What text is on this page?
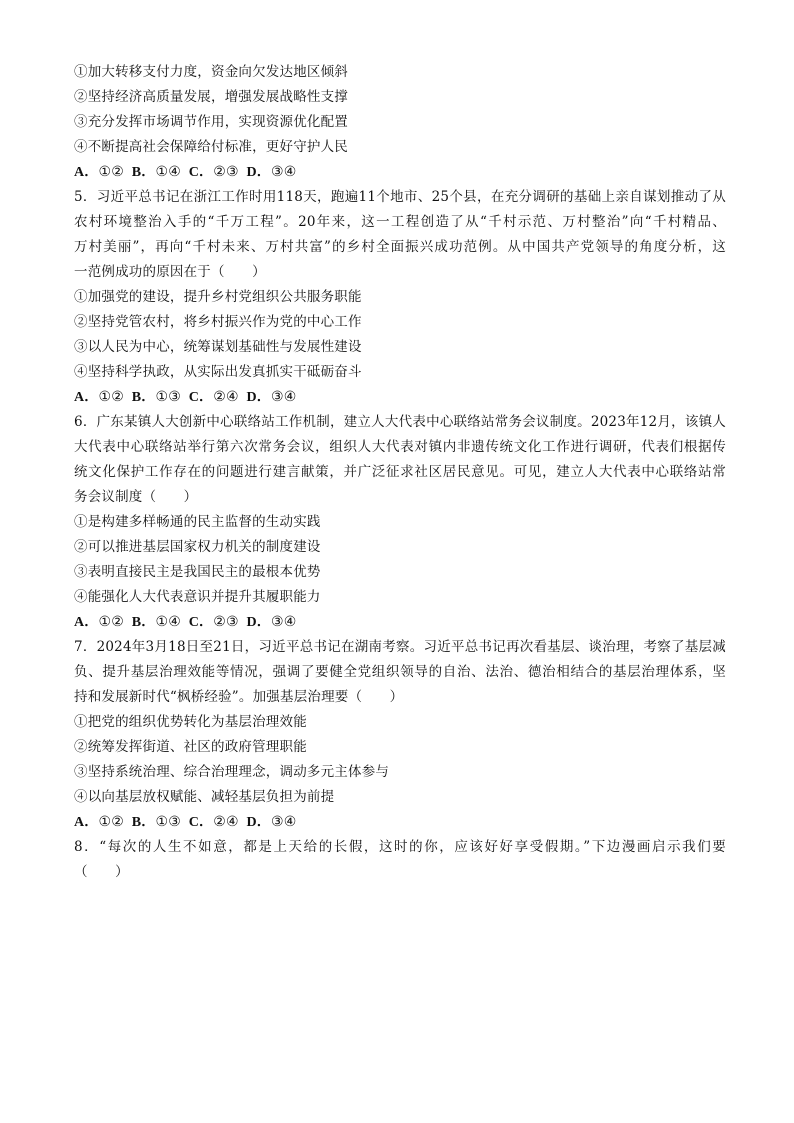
①加大转移支付力度，资金向欠发达地区倾斜
②坚持经济高质量发展，增强发展战略性支撑
③充分发挥市场调节作用，实现资源优化配置
④不断提高社会保障给付标准，更好守护人民
A．①② B．①④ C．②③ D．③④
5．习近平总书记在浙江工作时用118天，跑遍11个地市、25个县，在充分调研的基础上亲自谋划推动了从
农村环境整治入手的“千万工程”。20年来，这一工程创造了从“千村示范、万村整治”向“千村精品、
万村美丽”，再向“千村未来、万村共富”的乡村全面振兴成功范例。从中国共产党领导的角度分析，这
一范例成功的原因在于（　　）
①加强党的建设，提升乡村党组织公共服务职能
②坚持党管农村，将乡村振兴作为党的中心工作
③以人民为中心，统筹谋划基础性与发展性建设
④坚持科学执政，从实际出发真抓实干砥砺奋斗
A．①② B．①③ C．②④ D．③④
6．广东某镇人大创新中心联络站工作机制，建立人大代表中心联络站常务会议制度。2023年12月，该镇人
大代表中心联络站举行第六次常务会议，组织人大代表对镇内非遗传统文化工作进行调研，代表们根据传
统文化保护工作存在的问题进行建言献策，并广泛征求社区居民意见。可见，建立人大代表中心联络站常
务会议制度（　　）
①是构建多样畅通的民主监督的生动实践
②可以推进基层国家权力机关的制度建设
③表明直接民主是我国民主的最根本优势
④能强化人大代表意识并提升其履职能力
A．①② B．①④ C．②③ D．③④
7．2024年3月18日至21日，习近平总书记在湖南考察。习近平总书记再次看基层、谈治理，考察了基层减
负、提升基层治理效能等情况，强调了要健全党组织领导的自治、法治、德治相结合的基层治理体系，坚
持和发展新时代“枫桥经验”。加强基层治理要（　　）
①把党的组织优势转化为基层治理效能
②统筹发挥街道、社区的政府管理职能
③坚持系统治理、综合治理理念，调动多元主体参与
④以向基层放权赋能、减轻基层负担为前提
A．①② B．①③ C．②④ D．③④
8．“每次的人生不如意，都是上天给的长假，这时的你，应该好好享受假期。”下边漫画启示我们要
（　　）
